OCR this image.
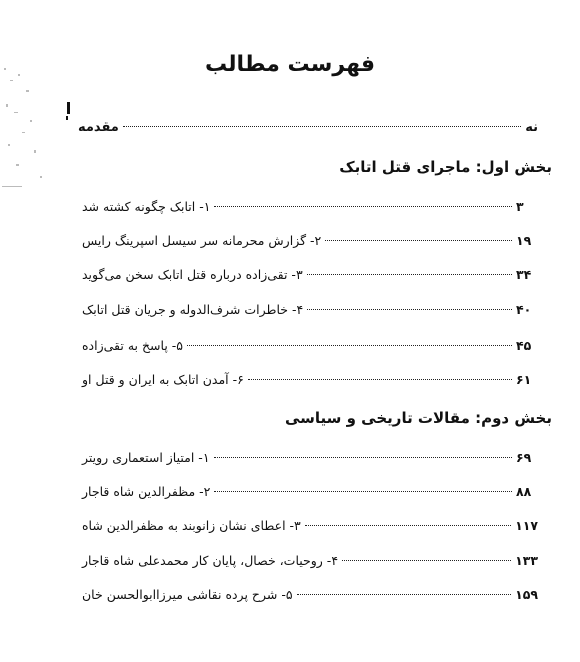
فهرست مطالب
مقدمه	نه
بخش اول: ماجرای قتل اتابک
۱- اتابک چگونه کشته شد	۳
۲- گزارش محرمانه سر سیسل اسپرینگ رایس	۱۹
۳- تقی‌زاده درباره قتل اتابک سخن می‌گوید	۳۴
۴- خاطرات شرف‌الدوله و جریان قتل اتابک	۴۰
۵- پاسخ به تقی‌زاده	۴۵
۶- آمدن اتابک به ایران و قتل او	۶۱
بخش دوم: مقالات تاریخی و سیاسی
۱- امتیاز استعماری رویتر	۶۹
۲- مظفرالدین شاه قاجار	۸۸
۳- اعطای نشان زانوبند به مظفرالدین شاه	۱۱۷
۴- روحیات، خصال، پایان کار محمدعلی شاه قاجار	۱۳۳
۵- شرح پرده نقاشی میرزاابوالحسن خان	۱۵۹
